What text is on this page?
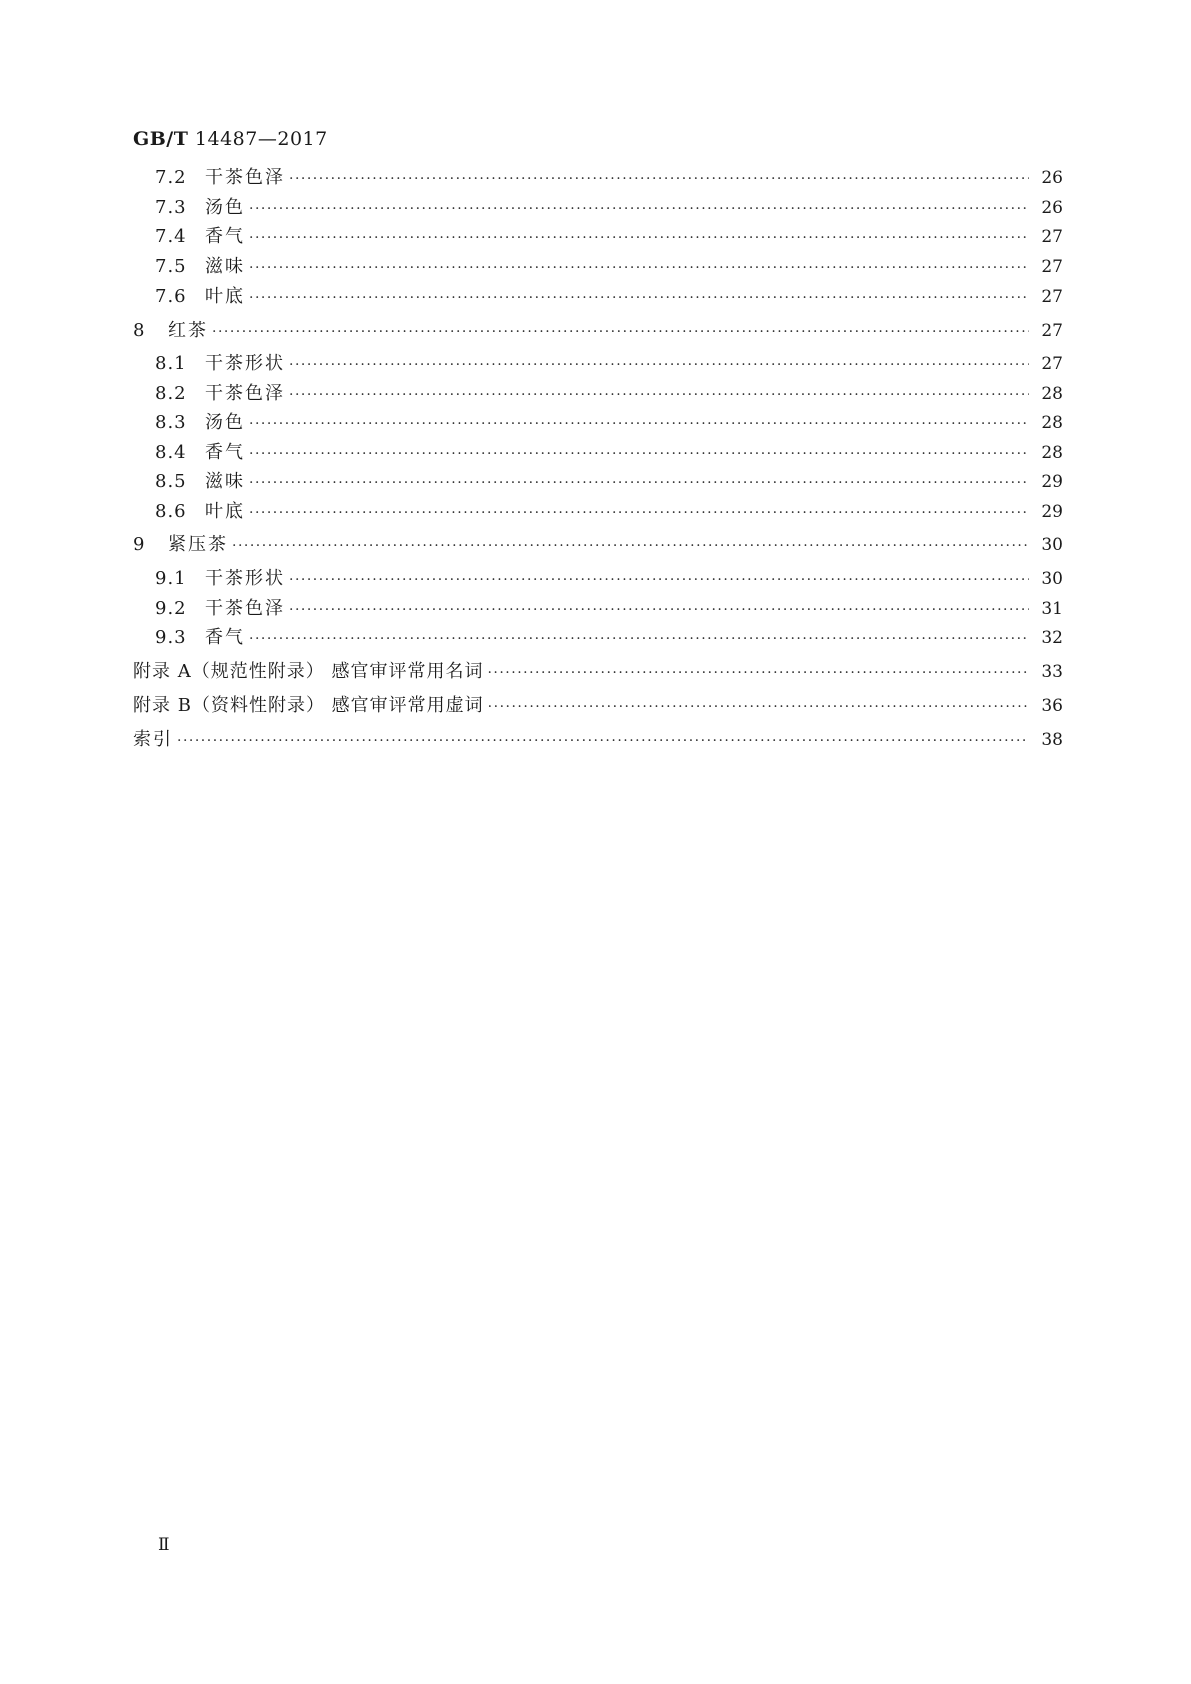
GB/T 14487—2017
7.2	干茶色泽 ·····	26
7.3	汤色 ·····	26
7.4	香气 ·····	27
7.5	滋味 ·····	27
7.6	叶底 ·····	27
8	红茶 ·····	27
8.1	干茶形状 ·····	27
8.2	干茶色泽 ·····	28
8.3	汤色 ·····	28
8.4	香气 ·····	28
8.5	滋味 ·····	29
8.6	叶底 ·····	29
9	紧压茶 ·····	30
9.1	干茶形状 ·····	30
9.2	干茶色泽 ·····	31
9.3	香气 ·····	32
附录 A（规范性附录） 感官审评常用名词 ·····	33
附录 B（资料性附录） 感官审评常用虚词 ·····	36
索引 ·····	38
Ⅱ
